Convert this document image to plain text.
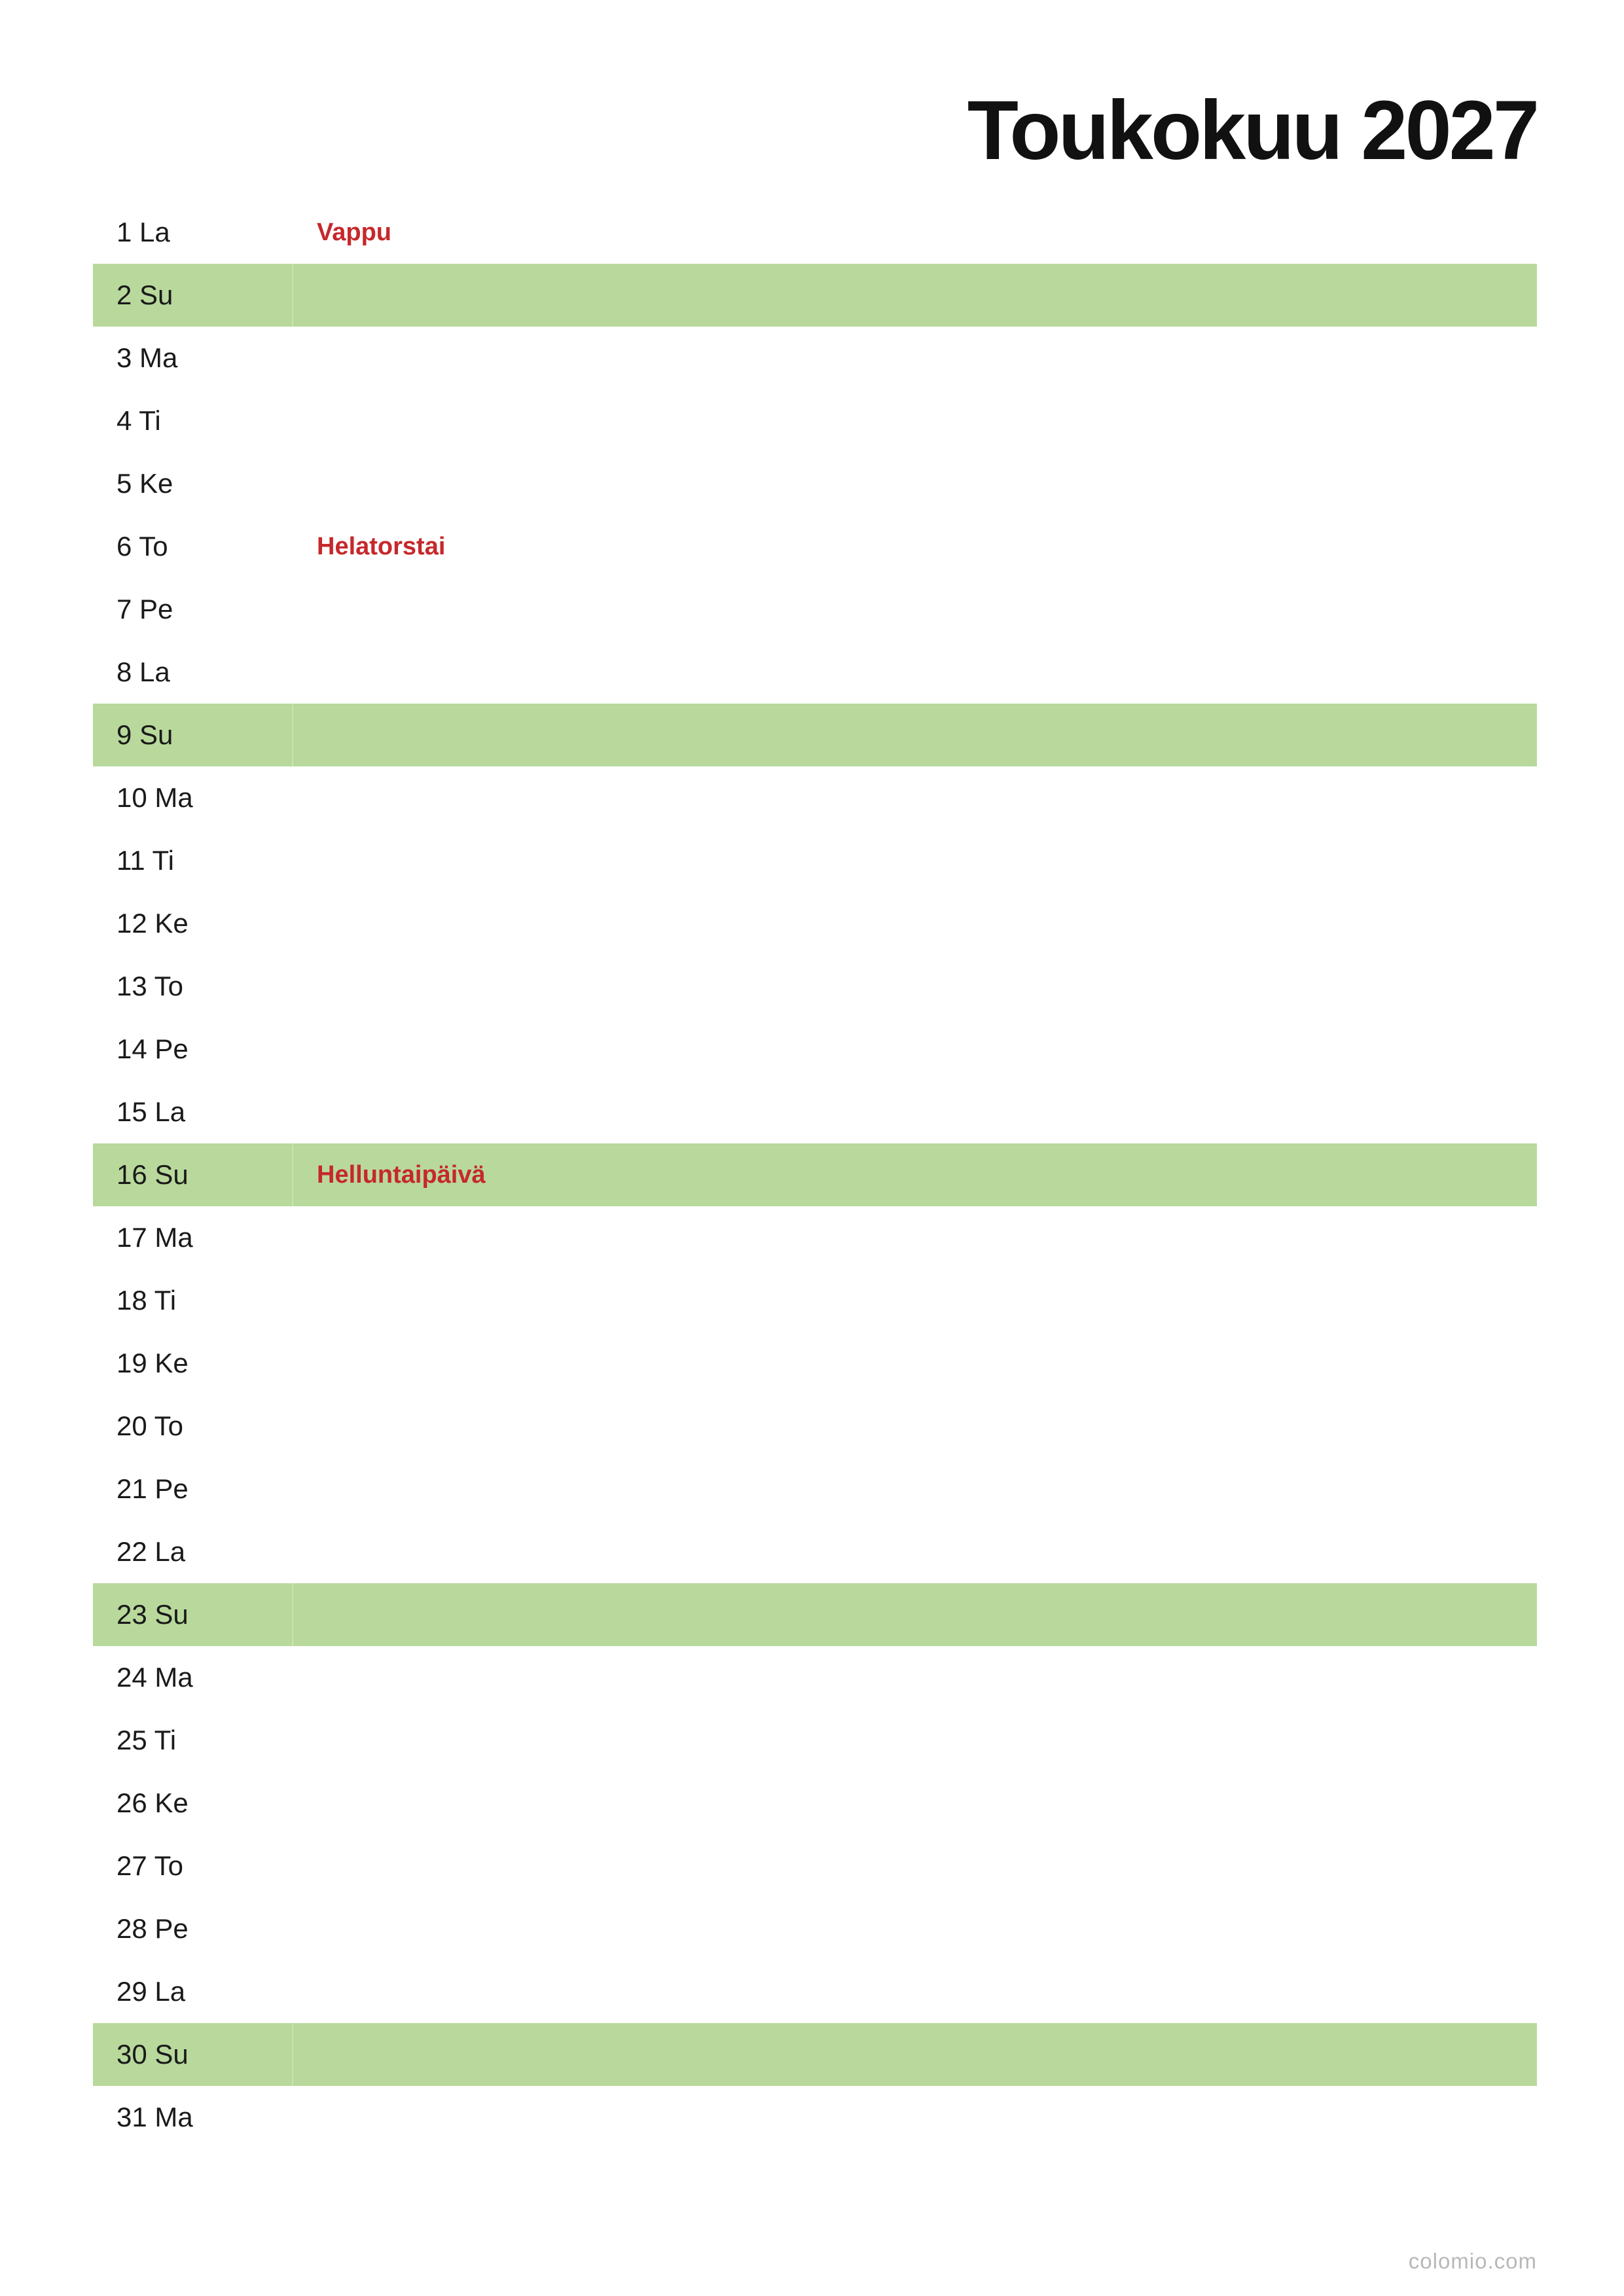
Toukokuu 2027
1 La	Vappu
2 Su
3 Ma
4 Ti
5 Ke
6 To	Helatorstai
7 Pe
8 La
9 Su
10 Ma
11 Ti
12 Ke
13 To
14 Pe
15 La
16 Su	Helluntaipäivä
17 Ma
18 Ti
19 Ke
20 To
21 Pe
22 La
23 Su
24 Ma
25 Ti
26 Ke
27 To
28 Pe
29 La
30 Su
31 Ma
colomio.com
